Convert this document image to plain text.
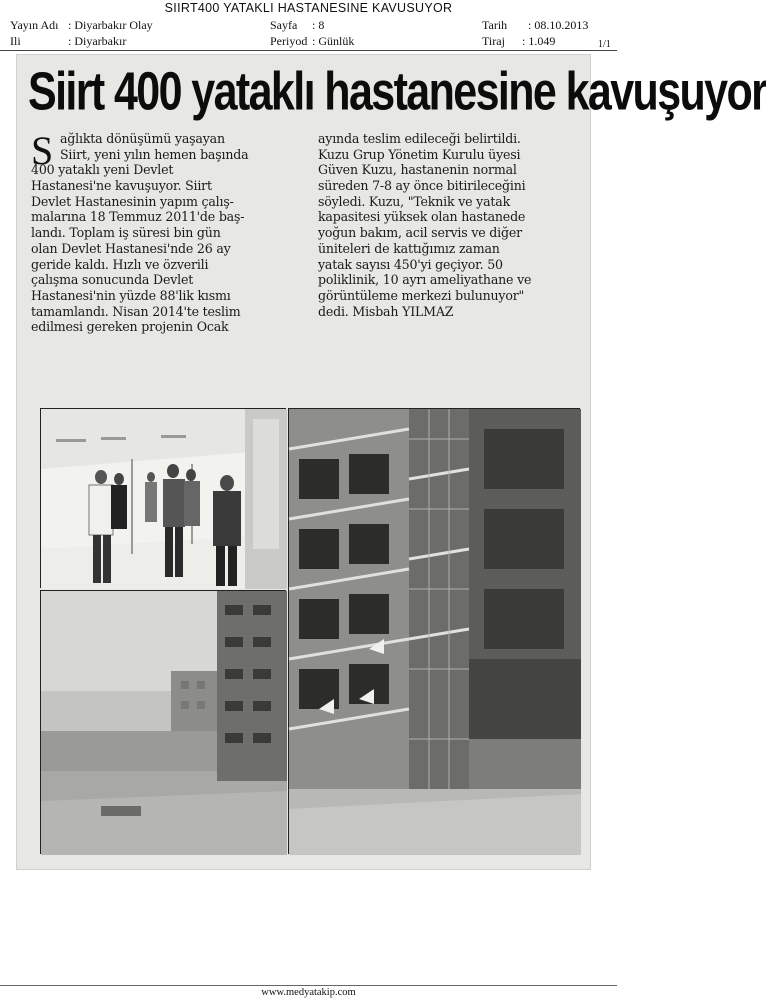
SIIRT400 YATAKLI HASTANESINE KAVUSUYOR
Yayın Adı : Diyarbakır Olay
Ili	: Diyarbakır
Sayfa : 8
Periyod : Günlük
Tarih : 08.10.2013
Tiraj : 1.049	1/1
Siirt 400 yataklı hastanesine kavuşuyor
S ağlıkta dönüşümü yaşayan
Siirt, yeni yılın hemen başında
400 yataklı yeni Devlet
Hastanesi'ne kavuşuyor. Siirt
Devlet Hastanesinin yapım çalış-
malarına 18 Temmuz 2011'de baş-
landı. Toplam iş süresi bin gün
olan Devlet Hastanesi'nde 26 ay
geride kaldı. Hızlı ve özverili
çalışma sonucunda Devlet
Hastanesi'nin yüzde 88'lik kısmı
tamamlandı. Nisan 2014'te teslim
edilmesi gereken projenin Ocak
ayında teslim edileceği belirtildi.
Kuzu Grup Yönetim Kurulu üyesi
Güven Kuzu, hastanenin normal
süreden 7-8 ay önce bitirileceğini
söyledi. Kuzu, "Teknik ve yatak
kapasitesi yüksek olan hastanede
yoğun bakım, acil servis ve diğer
üniteleri de kattığımız zaman
yatak sayısı 450'yi geçiyor. 50
poliklinik, 10 ayrı ameliyathane ve
görüntüleme merkezi bulunuyor"
dedi. Misbah YILMAZ
www.medyatakip.com
